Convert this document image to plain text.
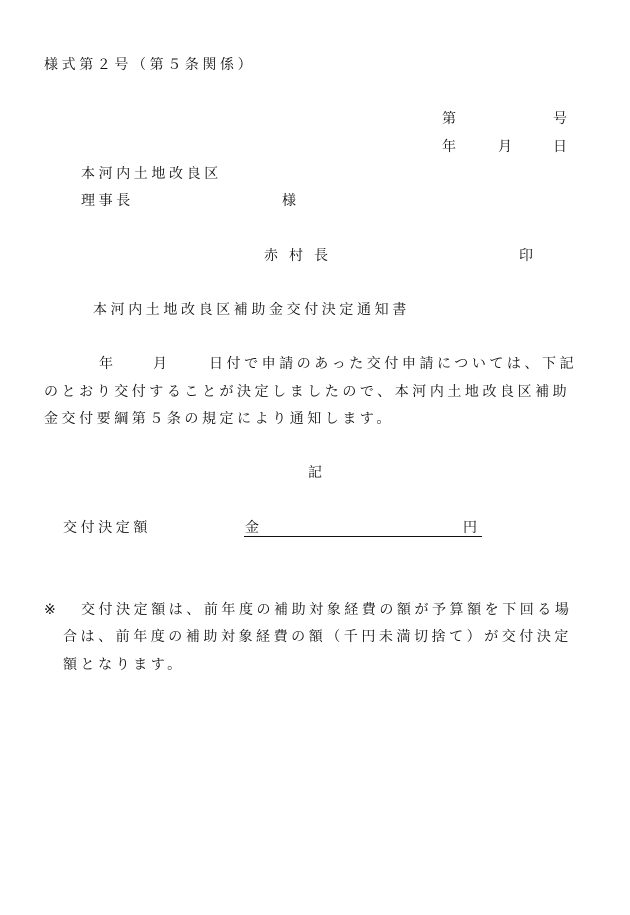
様式第２号（第５条関係）
第	号
年	月	日
本河内土地改良区
理事長	様
赤村長	印
本河内土地改良区補助金交付決定通知書
年	月	日付で申請のあった交付申請については、下記
のとおり交付することが決定しましたので、本河内土地改良区補助
金交付要綱第５条の規定により通知します。
記
交付決定額	金	円
※ 交付決定額は、前年度の補助対象経費の額が予算額を下回る場
合は、前年度の補助対象経費の額（千円未満切捨て）が交付決定
額となります。
